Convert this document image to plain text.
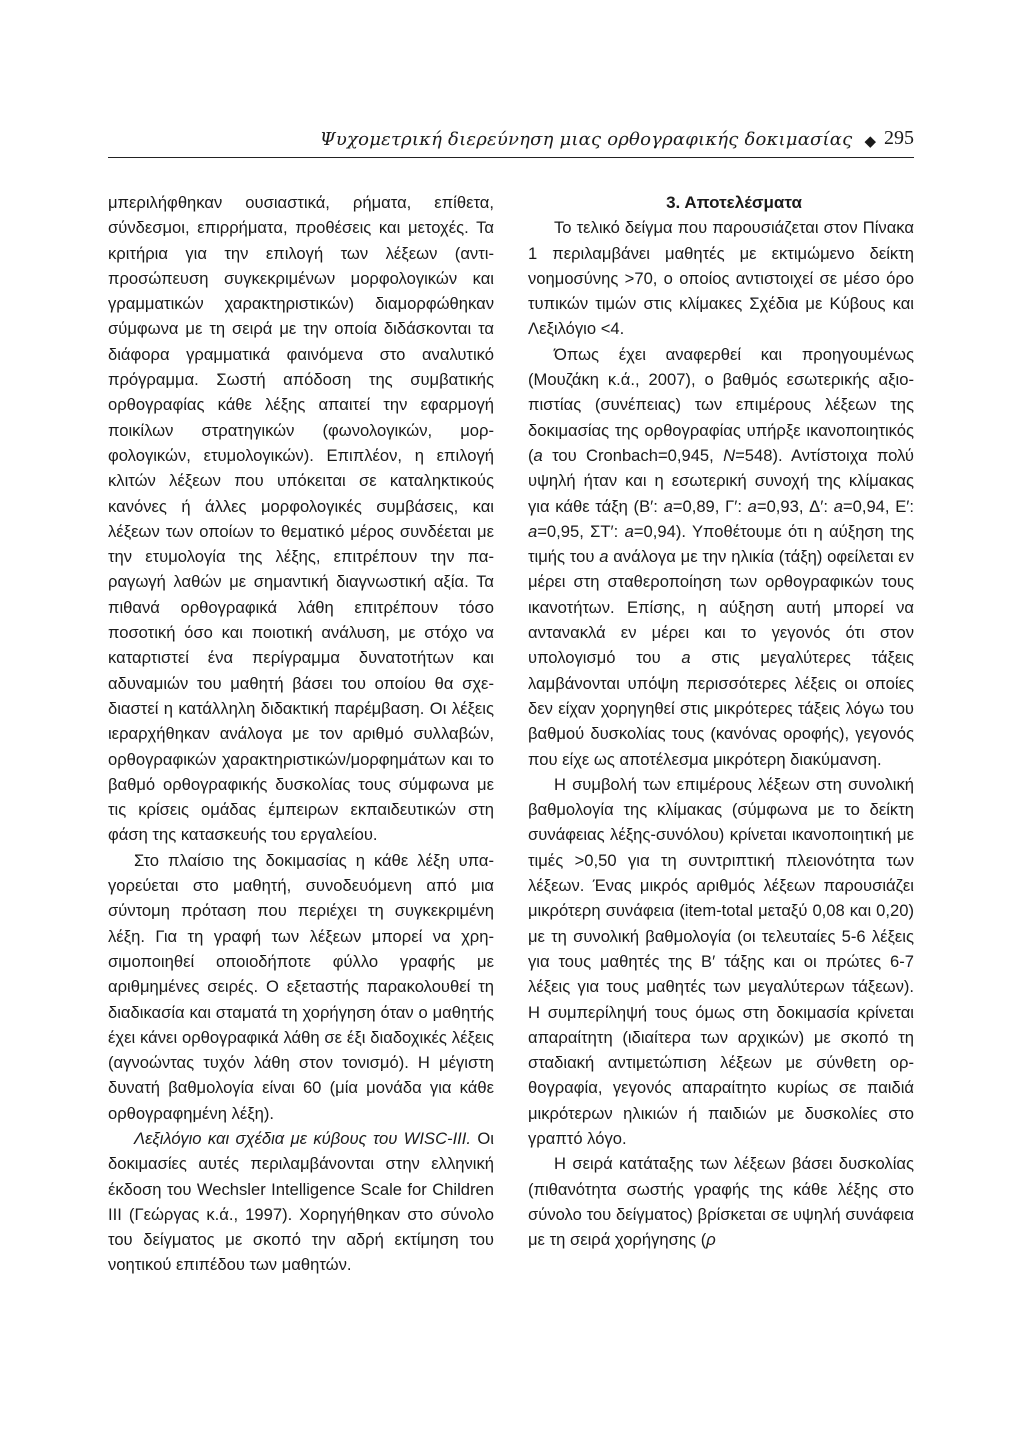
Ψυχομετρική διερεύνηση μιας ορθογραφικής δοκιμασίας ◆ 295

μπεριλήφθηκαν ουσιαστικά, ρήματα, επίθετα, σύνδεσμοι, επιρρήματα, προθέσεις και μετοχές. Τα κριτήρια για την επιλογή των λέξεων (αντιπροσώπευση συγκεκριμένων μορφολογικών και γραμματικών χαρακτηριστικών) διαμορφώθηκαν σύμφωνα με τη σειρά με την οποία διδάσκονται τα διάφορα γραμματικά φαινόμενα στο αναλυτικό πρόγραμμα. Σωστή απόδοση της συμβατικής ορθογραφίας κάθε λέξης απαιτεί την εφαρμογή ποικίλων στρατηγικών (φωνολογικών, μορφολογικών, ετυμολογικών). Επιπλέον, η επιλογή κλιτών λέξεων που υπόκειται σε καταληκτικούς κανόνες ή άλλες μορφολογικές συμβάσεις, και λέξεων των οποίων το θεματικό μέρος συνδέεται με την ετυμολογία της λέξης, επιτρέπουν την παραγωγή λαθών με σημαντική διαγνωστική αξία. Τα πιθανά ορθογραφικά λάθη επιτρέπουν τόσο ποσοτική όσο και ποιοτική ανάλυση, με στόχο να καταρτιστεί ένα περίγραμμα δυνατοτήτων και αδυναμιών του μαθητή βάσει του οποίου θα σχεδιαστεί η κατάλληλη διδακτική παρέμβαση. Οι λέξεις ιεραρχήθηκαν ανάλογα με τον αριθμό συλλαβών, ορθογραφικών χαρακτηριστικών/μορφημάτων και το βαθμό ορθογραφικής δυσκολίας τους σύμφωνα με τις κρίσεις ομάδας έμπειρων εκπαιδευτικών στη φάση της κατασκευής του εργαλείου.

Στο πλαίσιο της δοκιμασίας η κάθε λέξη υπαγορεύεται στο μαθητή, συνοδευόμενη από μια σύντομη πρόταση που περιέχει τη συγκεκριμένη λέξη. Για τη γραφή των λέξεων μπορεί να χρησιμοποιηθεί οποιοδήποτε φύλλο γραφής με αριθμημένες σειρές. Ο εξεταστής παρακολουθεί τη διαδικασία και σταματά τη χορήγηση όταν ο μαθητής έχει κάνει ορθογραφικά λάθη σε έξι διαδοχικές λέξεις (αγνοώντας τυχόν λάθη στον τονισμό). Η μέγιστη δυνατή βαθμολογία είναι 60 (μία μονάδα για κάθε ορθογραφημένη λέξη).

Λεξιλόγιο και σχέδια με κύβους του WISC-III. Οι δοκιμασίες αυτές περιλαμβάνονται στην ελληνική έκδοση του Wechsler Intelligence Scale for Children III (Γεώργας κ.ά., 1997). Χορηγήθηκαν στο σύνολο του δείγματος με σκοπό την αδρή εκτίμηση του νοητικού επιπέδου των μαθητών.

3. Αποτελέσματα

Το τελικό δείγμα που παρουσιάζεται στον Πίνακα 1 περιλαμβάνει μαθητές με εκτιμώμενο δείκτη νοημοσύνης >70, ο οποίος αντιστοιχεί σε μέσο όρο τυπικών τιμών στις κλίμακες Σχέδια με Κύβους και Λεξιλόγιο <4.

Όπως έχει αναφερθεί και προηγουμένως (Μουζάκη κ.ά., 2007), ο βαθμός εσωτερικής αξιοπιστίας (συνέπειας) των επιμέρους λέξεων της δοκιμασίας της ορθογραφίας υπήρξε ικανοποιητικός (a του Cronbach=0,945, N=548). Αντίστοιχα πολύ υψηλή ήταν και η εσωτερική συνοχή της κλίμακας για κάθε τάξη (Β′: a=0,89, Γ′: a=0,93, Δ′: a=0,94, Ε′: a=0,95, ΣΤ′: a=0,94). Υποθέτουμε ότι η αύξηση της τιμής του a ανάλογα με την ηλικία (τάξη) οφείλεται εν μέρει στη σταθεροποίηση των ορθογραφικών τους ικανοτήτων. Επίσης, η αύξηση αυτή μπορεί να αντανακλά εν μέρει και το γεγονός ότι στον υπολογισμό του a στις μεγαλύτερες τάξεις λαμβάνονται υπόψη περισσότερες λέξεις οι οποίες δεν είχαν χορηγηθεί στις μικρότερες τάξεις λόγω του βαθμού δυσκολίας τους (κανόνας οροφής), γεγονός που είχε ως αποτέλεσμα μικρότερη διακύμανση.

Η συμβολή των επιμέρους λέξεων στη συνολική βαθμολογία της κλίμακας (σύμφωνα με το δείκτη συνάφειας λέξης-συνόλου) κρίνεται ικανοποιητική με τιμές >0,50 για τη συντριπτική πλειονότητα των λέξεων. Ένας μικρός αριθμός λέξεων παρουσιάζει μικρότερη συνάφεια (item-total μεταξύ 0,08 και 0,20) με τη συνολική βαθμολογία (οι τελευταίες 5-6 λέξεις για τους μαθητές της Β′ τάξης και οι πρώτες 6-7 λέξεις για τους μαθητές των μεγαλύτερων τάξεων). Η συμπερίληψή τους όμως στη δοκιμασία κρίνεται απαραίτητη (ιδιαίτερα των αρχικών) με σκοπό τη σταδιακή αντιμετώπιση λέξεων με σύνθετη ορθογραφία, γεγονός απαραίτητο κυρίως σε παιδιά μικρότερων ηλικιών ή παιδιών με δυσκολίες στο γραπτό λόγο.

Η σειρά κατάταξης των λέξεων βάσει δυσκολίας (πιθανότητα σωστής γραφής της κάθε λέξης στο σύνολο του δείγματος) βρίσκεται σε υψηλή συνάφεια με τη σειρά χορήγησης (ρ
